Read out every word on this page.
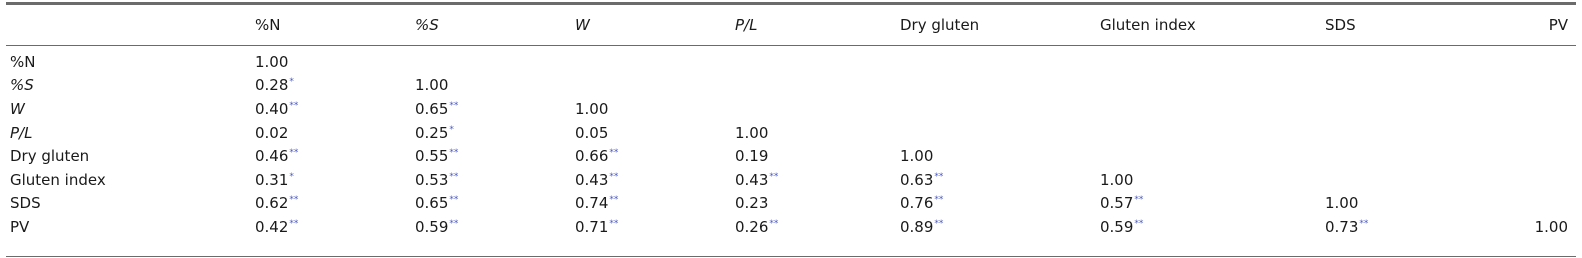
	%N	%S	W	P/L	Dry gluten	Gluten index	SDS	PV
%N	1.00							
%S	0.28*	1.00						
W	0.40**	0.65**	1.00					
P/L	0.02	0.25*	0.05	1.00				
Dry gluten	0.46**	0.55**	0.66**	0.19	1.00			
Gluten index	0.31*	0.53**	0.43**	0.43**	0.63**	1.00		
SDS	0.62**	0.65**	0.74**	0.23	0.76**	0.57**	1.00	
PV	0.42**	0.59**	0.71**	0.26**	0.89**	0.59**	0.73**	1.00
